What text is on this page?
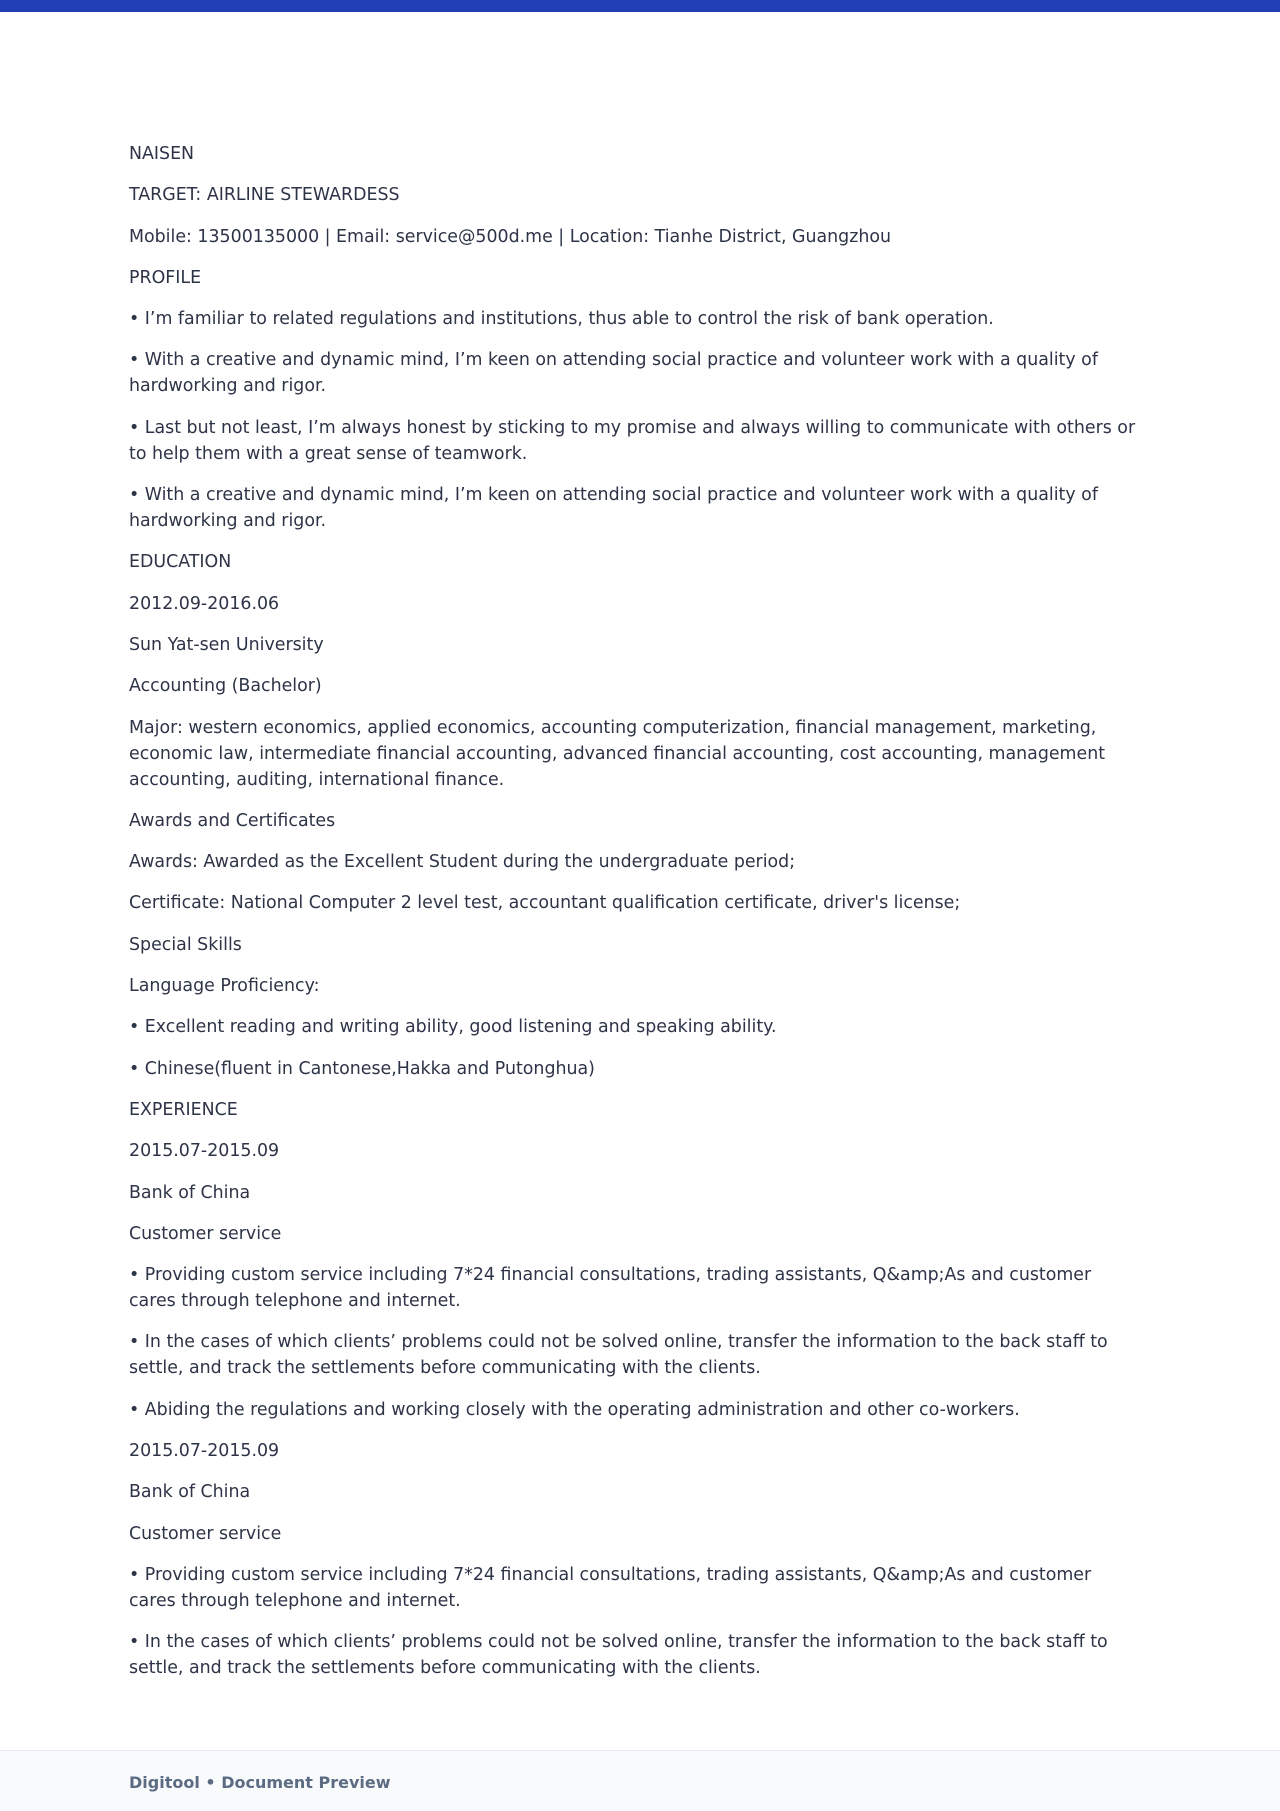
NAISEN

TARGET: AIRLINE STEWARDESS

Mobile: 13500135000 | Email: service@500d.me | Location: Tianhe District, Guangzhou

PROFILE

• I’m familiar to related regulations and institutions, thus able to control the risk of bank operation.

• With a creative and dynamic mind, I’m keen on attending social practice and volunteer work with a quality of hardworking and rigor.

• Last but not least, I’m always honest by sticking to my promise and always willing to communicate with others or to help them with a great sense of teamwork.

• With a creative and dynamic mind, I’m keen on attending social practice and volunteer work with a quality of hardworking and rigor.

EDUCATION

2012.09-2016.06

Sun Yat-sen University

Accounting (Bachelor)

Major: western economics, applied economics, accounting computerization, financial management, marketing, economic law, intermediate financial accounting, advanced financial accounting, cost accounting, management accounting, auditing, international finance.

Awards and Certificates

Awards: Awarded as the Excellent Student during the undergraduate period;

Certificate: National Computer 2 level test, accountant qualification certificate, driver's license;

Special Skills

Language Proficiency:

• Excellent reading and writing ability, good listening and speaking ability.

• Chinese(fluent in Cantonese,Hakka and Putonghua)

EXPERIENCE

2015.07-2015.09

Bank of China

Customer service

• Providing custom service including 7*24 financial consultations, trading assistants, Q&amp;As and customer cares through telephone and internet.

• In the cases of which clients’ problems could not be solved online, transfer the information to the back staff to settle, and track the settlements before communicating with the clients.

• Abiding the regulations and working closely with the operating administration and other co-workers.

2015.07-2015.09

Bank of China

Customer service

• Providing custom service including 7*24 financial consultations, trading assistants, Q&amp;As and customer cares through telephone and internet.

• In the cases of which clients’ problems could not be solved online, transfer the information to the back staff to settle, and track the settlements before communicating with the clients.

Digitool • Document Preview
